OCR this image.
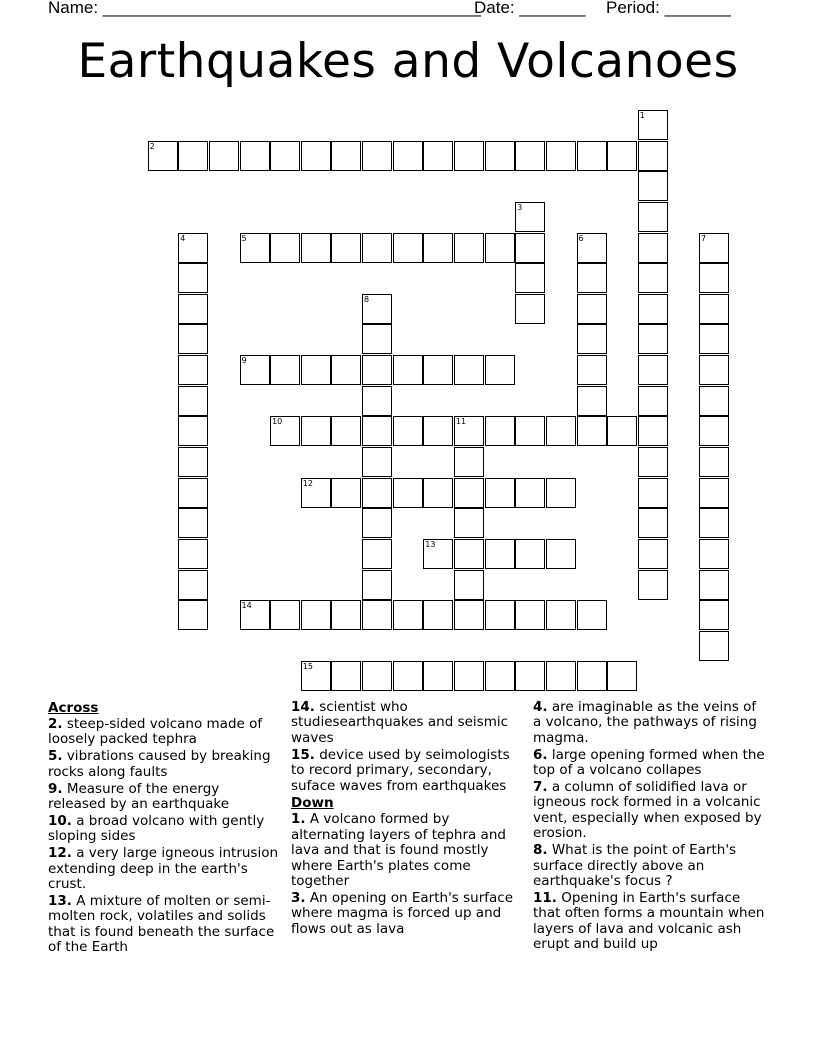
Name: ________________________________________
Date: _______ Period: _______
Earthquakes and Volcanoes
1
2
3
4	5	6	7
8
9
10	11
12
13
14
15
Across
2. steep-sided volcano made of loosely packed tephra
5. vibrations caused by breaking rocks along faults
9. Measure of the energy released by an earthquake
10. a broad volcano with gently sloping sides
12. a very large igneous intrusion extending deep in the earth's crust.
13. A mixture of molten or semi-molten rock, volatiles and solids that is found beneath the surface of the Earth
14. scientist who studiesearthquakes and seismic waves
15. device used by seimologists to record primary, secondary, suface waves from earthquakes
Down
1. A volcano formed by alternating layers of tephra and lava and that is found mostly where Earth's plates come together
3. An opening on Earth's surface where magma is forced up and flows out as lava
4. are imaginable as the veins of a volcano, the pathways of rising magma.
6. large opening formed when the top of a volcano collapes
7. a column of solidified lava or igneous rock formed in a volcanic vent, especially when exposed by erosion.
8. What is the point of Earth's surface directly above an earthquake's focus ?
11. Opening in Earth's surface that often forms a mountain when layers of lava and volcanic ash erupt and build up
